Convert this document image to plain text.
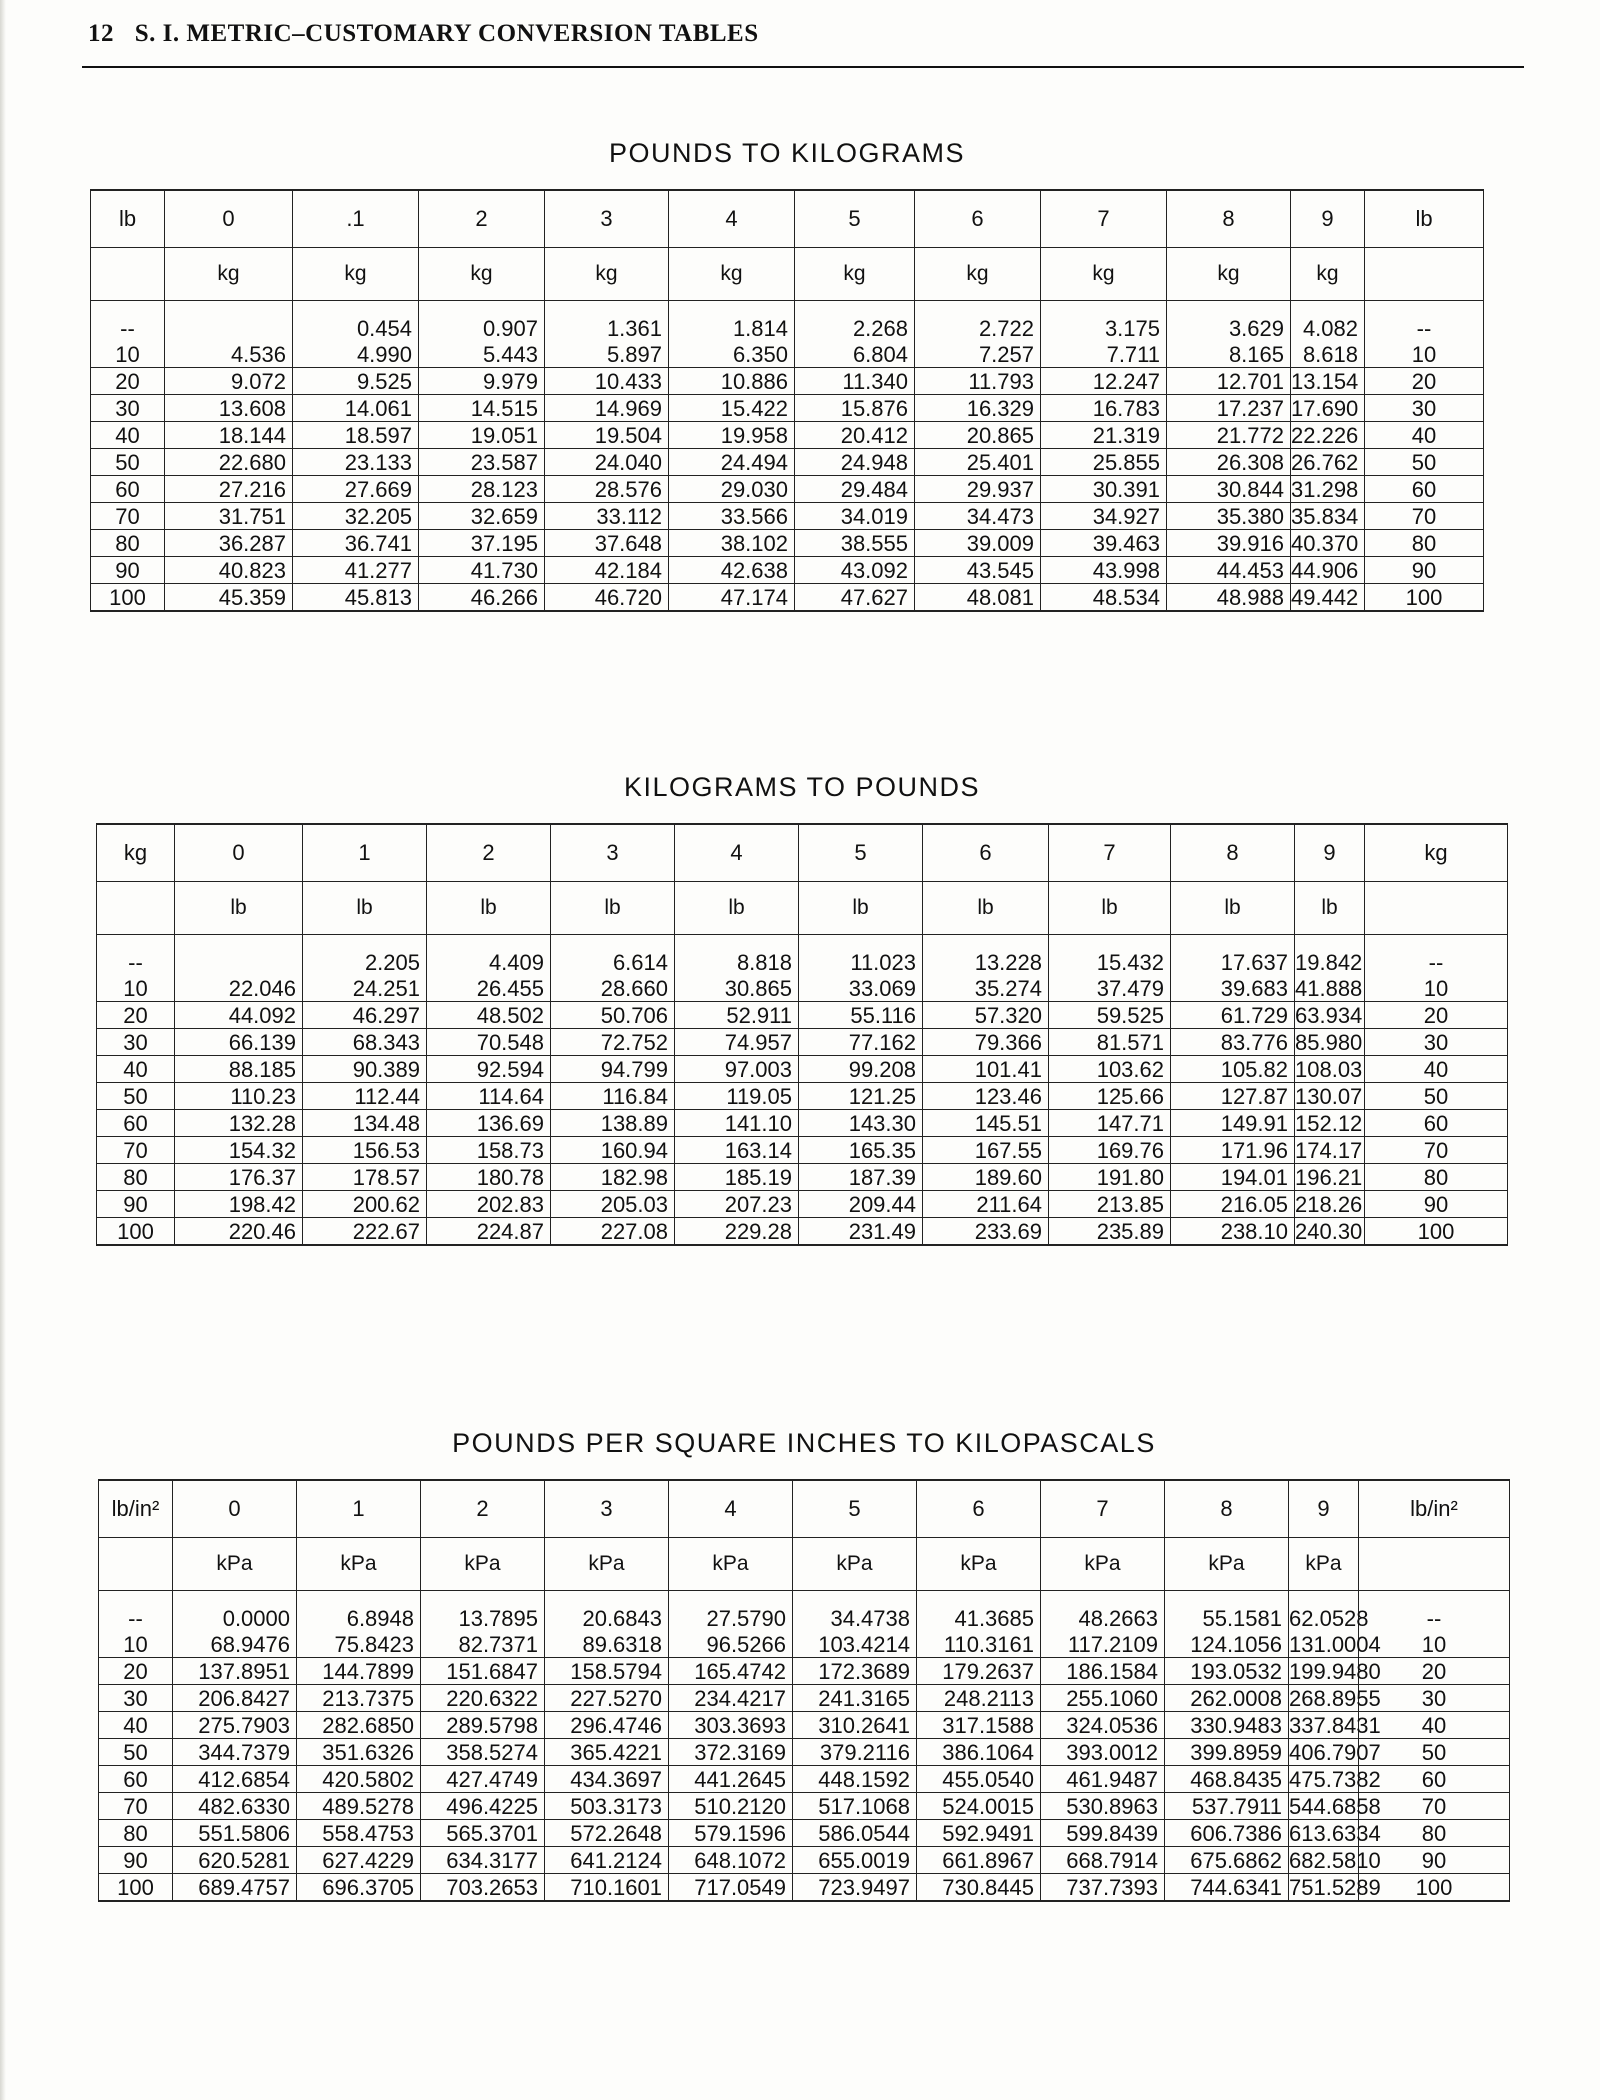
12 S. I. METRIC–CUSTOMARY CONVERSION TABLES
POUNDS TO KILOGRAMS
lb	0	.1	2	3	4	5	6	7	8	9	lb
	kg	kg	kg	kg	kg	kg	kg	kg	kg	kg	

--		0.454	0.907	1.361	1.814	2.268	2.722	3.175	3.629	4.082	--
10	4.536	4.990	5.443	5.897	6.350	6.804	7.257	7.711	8.165	8.618	10
20	9.072	9.525	9.979	10.433	10.886	11.340	11.793	12.247	12.701	13.154	20
30	13.608	14.061	14.515	14.969	15.422	15.876	16.329	16.783	17.237	17.690	30
40	18.144	18.597	19.051	19.504	19.958	20.412	20.865	21.319	21.772	22.226	40
50	22.680	23.133	23.587	24.040	24.494	24.948	25.401	25.855	26.308	26.762	50
60	27.216	27.669	28.123	28.576	29.030	29.484	29.937	30.391	30.844	31.298	60
70	31.751	32.205	32.659	33.112	33.566	34.019	34.473	34.927	35.380	35.834	70
80	36.287	36.741	37.195	37.648	38.102	38.555	39.009	39.463	39.916	40.370	80
90	40.823	41.277	41.730	42.184	42.638	43.092	43.545	43.998	44.453	44.906	90
100	45.359	45.813	46.266	46.720	47.174	47.627	48.081	48.534	48.988	49.442	100
KILOGRAMS TO POUNDS
kg	0	1	2	3	4	5	6	7	8	9	kg
	lb	lb	lb	lb	lb	lb	lb	lb	lb	lb	

--		2.205	4.409	6.614	8.818	11.023	13.228	15.432	17.637	19.842	--
10	22.046	24.251	26.455	28.660	30.865	33.069	35.274	37.479	39.683	41.888	10
20	44.092	46.297	48.502	50.706	52.911	55.116	57.320	59.525	61.729	63.934	20
30	66.139	68.343	70.548	72.752	74.957	77.162	79.366	81.571	83.776	85.980	30
40	88.185	90.389	92.594	94.799	97.003	99.208	101.41	103.62	105.82	108.03	40
50	110.23	112.44	114.64	116.84	119.05	121.25	123.46	125.66	127.87	130.07	50
60	132.28	134.48	136.69	138.89	141.10	143.30	145.51	147.71	149.91	152.12	60
70	154.32	156.53	158.73	160.94	163.14	165.35	167.55	169.76	171.96	174.17	70
80	176.37	178.57	180.78	182.98	185.19	187.39	189.60	191.80	194.01	196.21	80
90	198.42	200.62	202.83	205.03	207.23	209.44	211.64	213.85	216.05	218.26	90
100	220.46	222.67	224.87	227.08	229.28	231.49	233.69	235.89	238.10	240.30	100
POUNDS PER SQUARE INCHES TO KILOPASCALS
lb/in²	0	1	2	3	4	5	6	7	8	9	lb/in²
	kPa	kPa	kPa	kPa	kPa	kPa	kPa	kPa	kPa	kPa	

--	0.0000	6.8948	13.7895	20.6843	27.5790	34.4738	41.3685	48.2663	55.1581	62.0528	--
10	68.9476	75.8423	82.7371	89.6318	96.5266	103.4214	110.3161	117.2109	124.1056	131.0004	10
20	137.8951	144.7899	151.6847	158.5794	165.4742	172.3689	179.2637	186.1584	193.0532	199.9480	20
30	206.8427	213.7375	220.6322	227.5270	234.4217	241.3165	248.2113	255.1060	262.0008	268.8955	30
40	275.7903	282.6850	289.5798	296.4746	303.3693	310.2641	317.1588	324.0536	330.9483	337.8431	40
50	344.7379	351.6326	358.5274	365.4221	372.3169	379.2116	386.1064	393.0012	399.8959	406.7907	50
60	412.6854	420.5802	427.4749	434.3697	441.2645	448.1592	455.0540	461.9487	468.8435	475.7382	60
70	482.6330	489.5278	496.4225	503.3173	510.2120	517.1068	524.0015	530.8963	537.7911	544.6858	70
80	551.5806	558.4753	565.3701	572.2648	579.1596	586.0544	592.9491	599.8439	606.7386	613.6334	80
90	620.5281	627.4229	634.3177	641.2124	648.1072	655.0019	661.8967	668.7914	675.6862	682.5810	90
100	689.4757	696.3705	703.2653	710.1601	717.0549	723.9497	730.8445	737.7393	744.6341	751.5289	100
